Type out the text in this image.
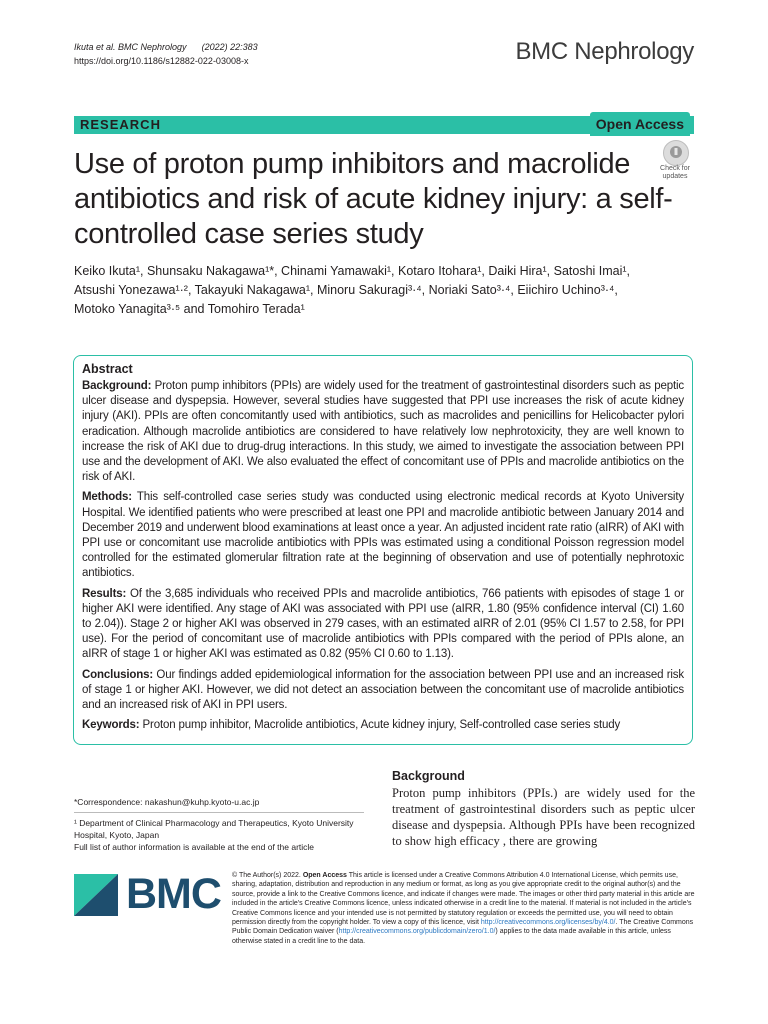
Ikuta et al. BMC Nephrology (2022) 22:383
https://doi.org/10.1186/s12882-022-03008-x	BMC Nephrology
RESEARCH	Open Access
Use of proton pump inhibitors and macrolide antibiotics and risk of acute kidney injury: a self-controlled case series study
Check for updates
Keiko Ikuta¹, Shunsaku Nakagawa¹*, Chinami Yamawaki¹, Kotaro Itohara¹, Daiki Hira¹, Satoshi Imai¹,
Atsushi Yonezawa¹·², Takayuki Nakagawa¹, Minoru Sakuragi³·⁴, Noriaki Sato³·⁴, Eiichiro Uchino³·⁴,
Motoko Yanagita³·⁵ and Tomohiro Terada¹
Abstract

Background: Proton pump inhibitors (PPIs) are widely used for the treatment of gastrointestinal disorders such as peptic ulcer disease and dyspepsia. However, several studies have suggested that PPI use increases the risk of acute kidney injury (AKI). PPIs are often concomitantly used with antibiotics, such as macrolides and penicillins for Helicobacter pylori eradication. Although macrolide antibiotics are considered to have relatively low nephrotoxicity, they are well known to increase the risk of AKI due to drug-drug interactions. In this study, we aimed to investigate the association between PPI use and the development of AKI. We also evaluated the effect of concomitant use of PPIs and macrolide antibiotics on the risk of AKI.

Methods: This self-controlled case series study was conducted using electronic medical records at Kyoto University Hospital. We identified patients who were prescribed at least one PPI and macrolide antibiotic between January 2014 and December 2019 and underwent blood examinations at least once a year. An adjusted incident rate ratio (aIRR) of AKI with PPI use or concomitant use macrolide antibiotics with PPIs was estimated using a conditional Poisson regression model controlled for the estimated glomerular filtration rate at the beginning of observation and use of potentially nephrotoxic antibiotics.

Results: Of the 3,685 individuals who received PPIs and macrolide antibiotics, 766 patients with episodes of stage 1 or higher AKI were identified. Any stage of AKI was associated with PPI use (aIRR, 1.80 (95% confidence interval (CI) 1.60 to 2.04)). Stage 2 or higher AKI was observed in 279 cases, with an estimated aIRR of 2.01 (95% CI 1.57 to 2.58, for PPI use). For the period of concomitant use of macrolide antibiotics with PPIs compared with the period of PPIs alone, an aIRR of stage 1 or higher AKI was estimated as 0.82 (95% CI 0.60 to 1.13).

Conclusions: Our findings added epidemiological information for the association between PPI use and an increased risk of stage 1 or higher AKI. However, we did not detect an association between the concomitant use of macrolide antibiotics and an increased risk of AKI in PPI users.

Keywords: Proton pump inhibitor, Macrolide antibiotics, Acute kidney injury, Self-controlled case series study

*Correspondence: nakashun@kuhp.kyoto-u.ac.jp
¹ Department of Clinical Pharmacology and Therapeutics, Kyoto University Hospital, Kyoto, Japan
Full list of author information is available at the end of the article
Background
Proton pump inhibitors (PPIs.) are widely used for the treatment of gastrointestinal disorders such as peptic ulcer disease and dyspepsia. Although PPIs have been recognized to show high efficacy , there are growing
BMC © The Author(s) 2022. Open Access This article is licensed under a Creative Commons Attribution 4.0 International License, which permits use, sharing, adaptation, distribution and reproduction in any medium or format, as long as you give appropriate credit to the original author(s) and the source, provide a link to the Creative Commons licence, and indicate if changes were made. The images or other third party material in this article are included in the article's Creative Commons licence, unless indicated otherwise in a credit line to the material. If material is not included in the article's Creative Commons licence and your intended use is not permitted by statutory regulation or exceeds the permitted use, you will need to obtain permission directly from the copyright holder. To view a copy of this licence, visit http://creativecommons.org/licenses/by/4.0/. The Creative Commons Public Domain Dedication waiver (http://creativecommons.org/publicdomain/zero/1.0/) applies to the data made available in this article, unless otherwise stated in a credit line to the data.
